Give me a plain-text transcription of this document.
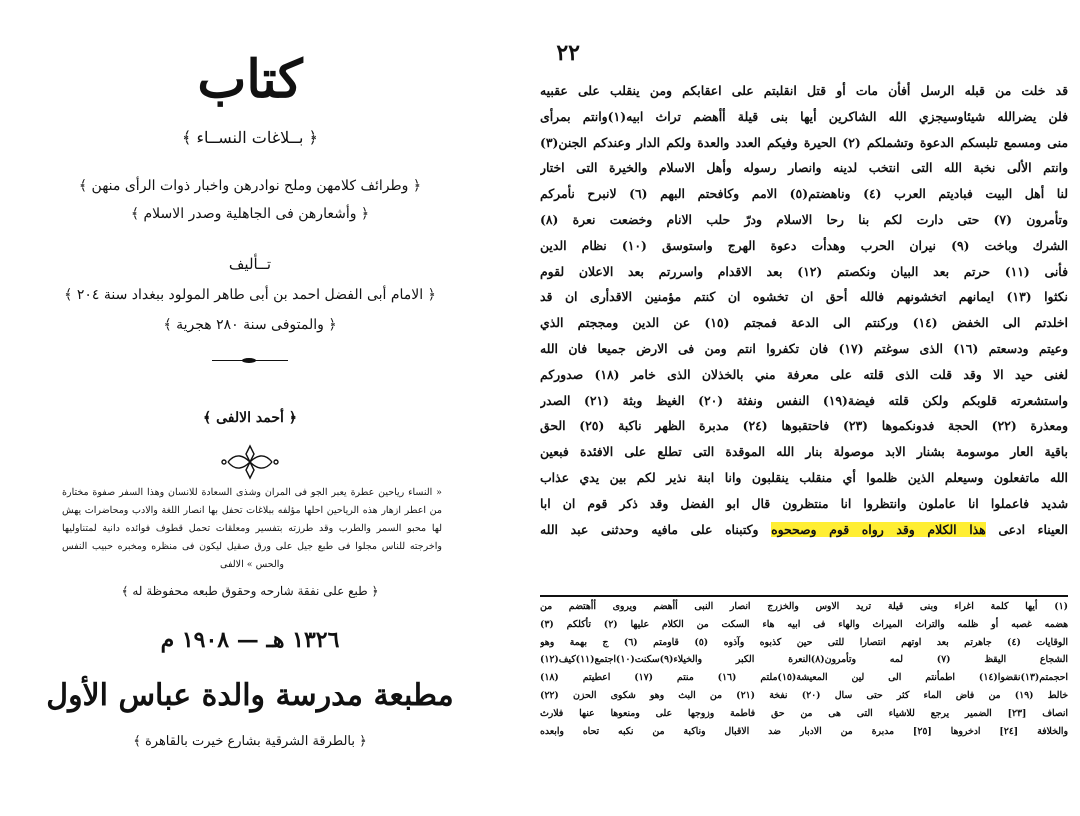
كتاب
﴿ بــلاغات النســاء ﴾
﴿ وطرائف كلامهن وملح نوادرهن واخبار ذوات الرأى منهن ﴾
﴿ وأشعارهن فى الجاهلية وصدر الاسلام ﴾
تــأليف
﴿ الامام أبى الفضل احمد بن أبى طاهر المولود ببغداد سنة ٢٠٤ ﴾
﴿ والمتوفى سنة ٢٨٠ هجرية ﴾
﴿ أحمد الالفى ﴾
« النساء رياحين عطرة يعبر الجو فى المران وشذى السعادة للانسان وهذا السفر صفوة مختارة من اعطر ازهار هذه الرياحين احلها مؤلفه ببلاغات تحفل بها انصار اللغة والادب ومحاضرات يهش لها محبو السمر والطرب وقد طرزته بتفسير ومعلقات تحمل قطوف فوائده دانية لمتناوليها واخرجته للناس مجلوا فى طبع جيل على ورق صقيل ليكون فى منظره ومخبره حبيب النفس والحس » الالفى
﴿ طبع على نفقة شارحه وحقوق طبعه محفوظة له ﴾
١٣٢٦ هـ — ١٩٠٨ م
مطبعة مدرسة والدة عباس الأول
﴿ بالطرقة الشرقية بشارع خيرت بالقاهرة ﴾
٢٢
قد خلت من قبله الرسل أفأن مات أو قتل انقلبتم على اعقابكم ومن ينقلب على عقبيه
فلن يضرالله شيئاوسيجزي الله الشاكرين أيها بنى قيلة أأهضم تراث ابيه(١)وانتم بمرأى
منى ومسمع تلبسكم الدعوة وتشملكم (٢) الحيرة وفيكم العدد والعدة ولكم الدار وعندكم الجنن(٣)
وانتم الألى نخبة الله التى انتخب لدينه وانصار رسوله وأهل الاسلام والخيرة التى اختار
لنا أهل البيت فباديتم العرب (٤) وناهضتم(٥) الامم وكافحتم البهم (٦) لانبرح نأمركم
وتأمرون (٧) حتى دارت لكم بنا رحا الاسلام ودرّ حلب الانام وخضعت نعرة (٨)
الشرك وباخت (٩) نيران الحرب وهدأت دعوة الهرج واستوسق (١٠) نظام الدين
فأنى (١١) حرتم بعد البيان ونكصتم (١٢) بعد الاقدام واسررتم بعد الاعلان لقوم
نكثوا (١٣) ايمانهم اتخشونهم فالله أحق ان تخشوه ان كنتم مؤمنين الاقدأرى ان قد
اخلدتم الى الخفض (١٤) وركنتم الى الدعة فمجتم (١٥) عن الدين ومججتم الذي
وعيتم ودسعتم (١٦) الذى سوغتم (١٧) فان تكفروا انتم ومن فى الارض جميعا فان الله
لغنى حيد الا وقد قلت الذى قلته على معرفة مني بالخذلان الذى خامر (١٨) صدوركم
واستشعرته قلوبكم ولكن قلته فيضة(١٩) النفس ونفثة (٢٠) الغيظ وبثة (٢١) الصدر
ومعذرة (٢٢) الحجة فدونكموها (٢٣) فاحتقبوها (٢٤) مدبرة الظهر ناكبة (٢٥) الحق
باقية العار موسومة بشنار الابد موصولة بنار الله الموقدة التى تطلع على الافئدة فبعين
الله ماتفعلون وسيعلم الذين ظلموا أي منقلب ينقلبون وانا ابنة نذير لكم بين يدي عذاب
شديد فاعملوا انا عاملون وانتظروا انا منتظرون قال ابو الفضل وقد ذكر قوم ان ابا
العيناء ادعى هذا الكلام وقد رواه قوم وصححوه وكتبناه على مافيه وحدثنى عبد الله
(١) أيها كلمة اغراء وبنى قيلة تريد الاوس والخزرج انصار النبى أأهضم ويروى أأهتضم من
هضمه غصبه أو ظلمه والتراث الميراث والهاء فى ابيه هاء السكت من الكلام عليها (٢) تأكلكم (٣)
الوقايات (٤) جاهرتم بعد اوتهم انتصارا للتى حين كذبوه وآذوه (٥) قاومتم (٦) ج بهمة وهو
الشجاع اليقظ (٧) لمه وتأمرون(٨)النعرة الكبر والخيلاء(٩)سكنت(١٠)اجتمع(١١)كيف(١٢)
احجمتم(١٣)نقضوا(١٤) اطمأنتم الى لين المعيشة(١٥)ملتم (١٦) منتم (١٧) اعطيتم (١٨)
خالط (١٩) من فاض الماء كثر حتى سال (٢٠) نفخة (٢١) من البث وهو شكوى الحزن (٢٢)
انصاف [٢٣] الضمير يرجع للاشياء التى هى من حق فاطمة وزوجها على ومنعوها عنها فلارث
والخلافة [٢٤] ادخروها [٢٥] مدبرة من الادبار ضد الاقبال وناكبة من نكبه تحاه وابعده
